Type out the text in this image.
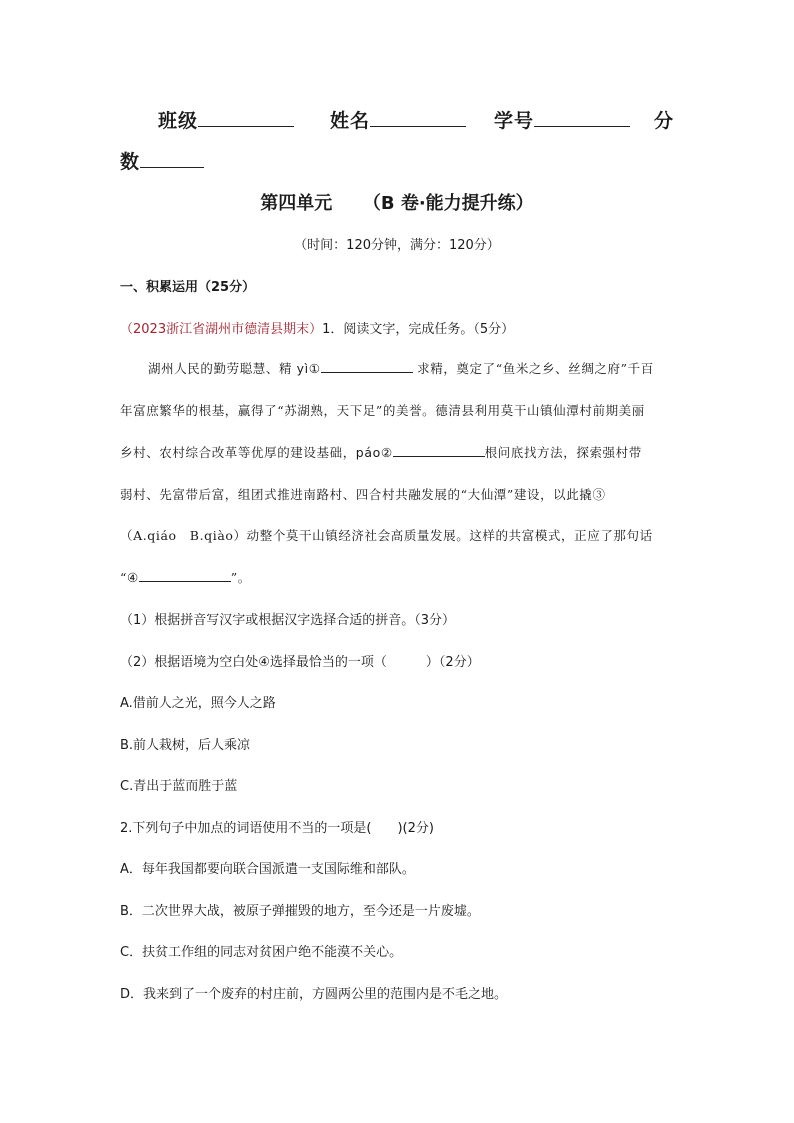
班级	姓名	学号	分
数
第四单元 （B 卷·能力提升练）
（时间：120分钟，满分：120分）
一、积累运用（25分）
（2023浙江省湖州市德清县期末）1．阅读文字，完成任务。（5分）
湖州人民的勤劳聪慧、精 yì①	求精，奠定了“鱼米之乡、丝绸之府”千百
年富庶繁华的根基，赢得了“苏湖熟，天下足”的美誉。德清县利用莫干山镇仙潭村前期美丽
乡村、农村综合改革等优厚的建设基础，páo②	根问底找方法，探索强村带
弱村、先富带后富，组团式推进南路村、四合村共融发展的“大仙潭”建设，以此撬③
（A.qiáo　B.qiào）动整个莫干山镇经济社会高质量发展。这样的共富模式，正应了那句话
“④	”。
（1）根据拼音写汉字或根据汉字选择合适的拼音。（3分）
（2）根据语境为空白处④选择最恰当的一项（　　　）（2分）
A.借前人之光，照今人之路
B.前人栽树，后人乘凉
C.青出于蓝而胜于蓝
2.下列句子中加点的词语使用不当的一项是(　　)(2分)
A．每年我国都要向联合国派遣一支国际维和部队。
B．二次世界大战，被原子弹摧毁的地方，至今还是一片废墟。
C．扶贫工作组的同志对贫困户绝不能漠不关心。
D．我来到了一个废弃的村庄前，方圆两公里的范围内是不毛之地。
